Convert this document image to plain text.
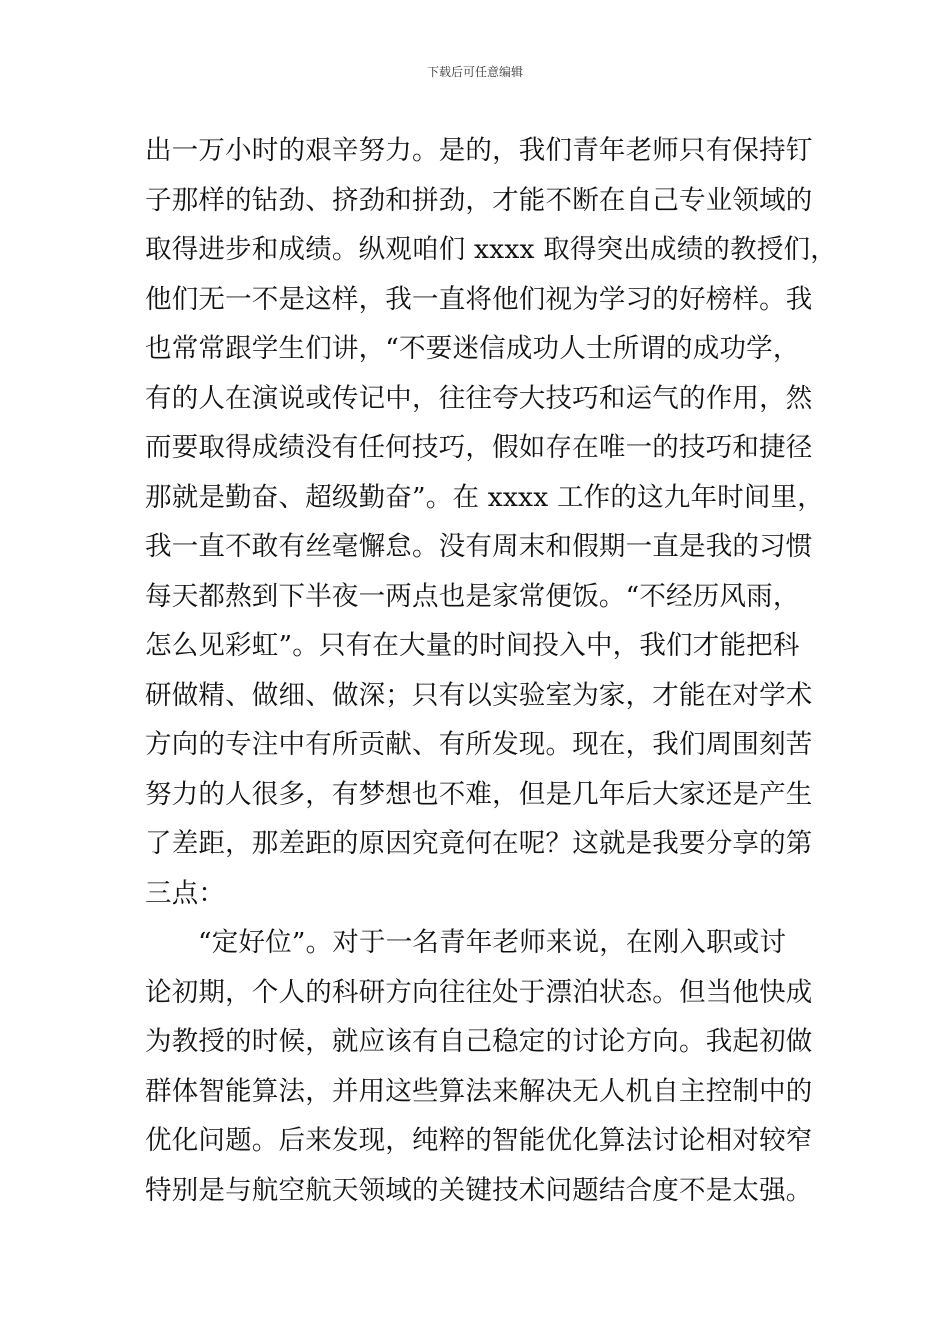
下载后可任意编辑
出一万小时的艰辛努力。是的，我们青年老师只有保持钉
子那样的钻劲、挤劲和拼劲，才能不断在自己专业领域的
取得进步和成绩。纵观咱们 xxxx 取得突出成绩的教授们，
他们无一不是这样，我一直将他们视为学习的好榜样。我
也常常跟学生们讲，“不要迷信成功人士所谓的成功学，
有的人在演说或传记中，往往夸大技巧和运气的作用，然
而要取得成绩没有任何技巧，假如存在唯一的技巧和捷径
那就是勤奋、超级勤奋”。在 xxxx 工作的这九年时间里，
我一直不敢有丝毫懈怠。没有周末和假期一直是我的习惯
每天都熬到下半夜一两点也是家常便饭。“不经历风雨，
怎么见彩虹”。只有在大量的时间投入中，我们才能把科
研做精、做细、做深；只有以实验室为家，才能在对学术
方向的专注中有所贡献、有所发现。现在，我们周围刻苦
努力的人很多，有梦想也不难，但是几年后大家还是产生
了差距，那差距的原因究竟何在呢？这就是我要分享的第
三点：
“定好位”。对于一名青年老师来说，在刚入职或讨
论初期，个人的科研方向往往处于漂泊状态。但当他快成
为教授的时候，就应该有自己稳定的讨论方向。我起初做
群体智能算法，并用这些算法来解决无人机自主控制中的
优化问题。后来发现，纯粹的智能优化算法讨论相对较窄
特别是与航空航天领域的关键技术问题结合度不是太强。
